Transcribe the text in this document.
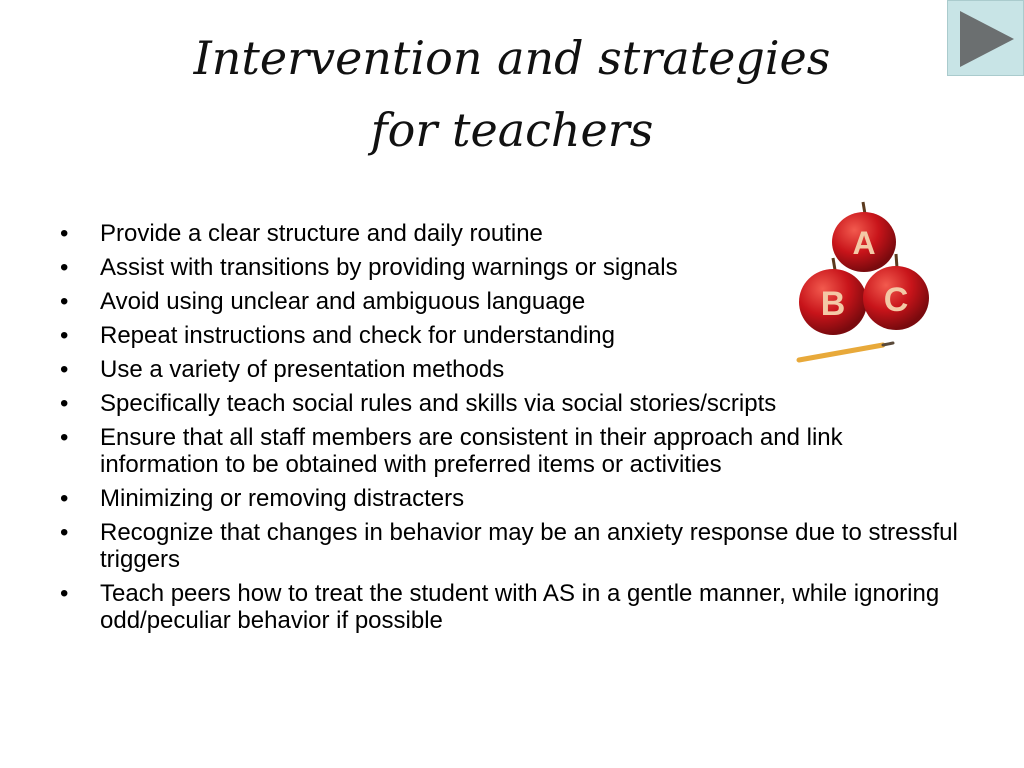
Intervention and strategies
for teachers
A
B C
• Provide a clear structure and daily routine
• Assist with transitions by providing warnings or signals
• Avoid using unclear and ambiguous language
• Repeat instructions and check for understanding
• Use a variety of presentation methods
• Specifically teach social rules and skills via social stories/scripts
• Ensure that all staff members are consistent in their approach and link information to be obtained with preferred items or activities
• Minimizing or removing distracters
• Recognize that changes in behavior may be an anxiety response due to stressful triggers
• Teach peers how to treat the student with AS in a gentle manner, while ignoring odd/peculiar behavior if possible
